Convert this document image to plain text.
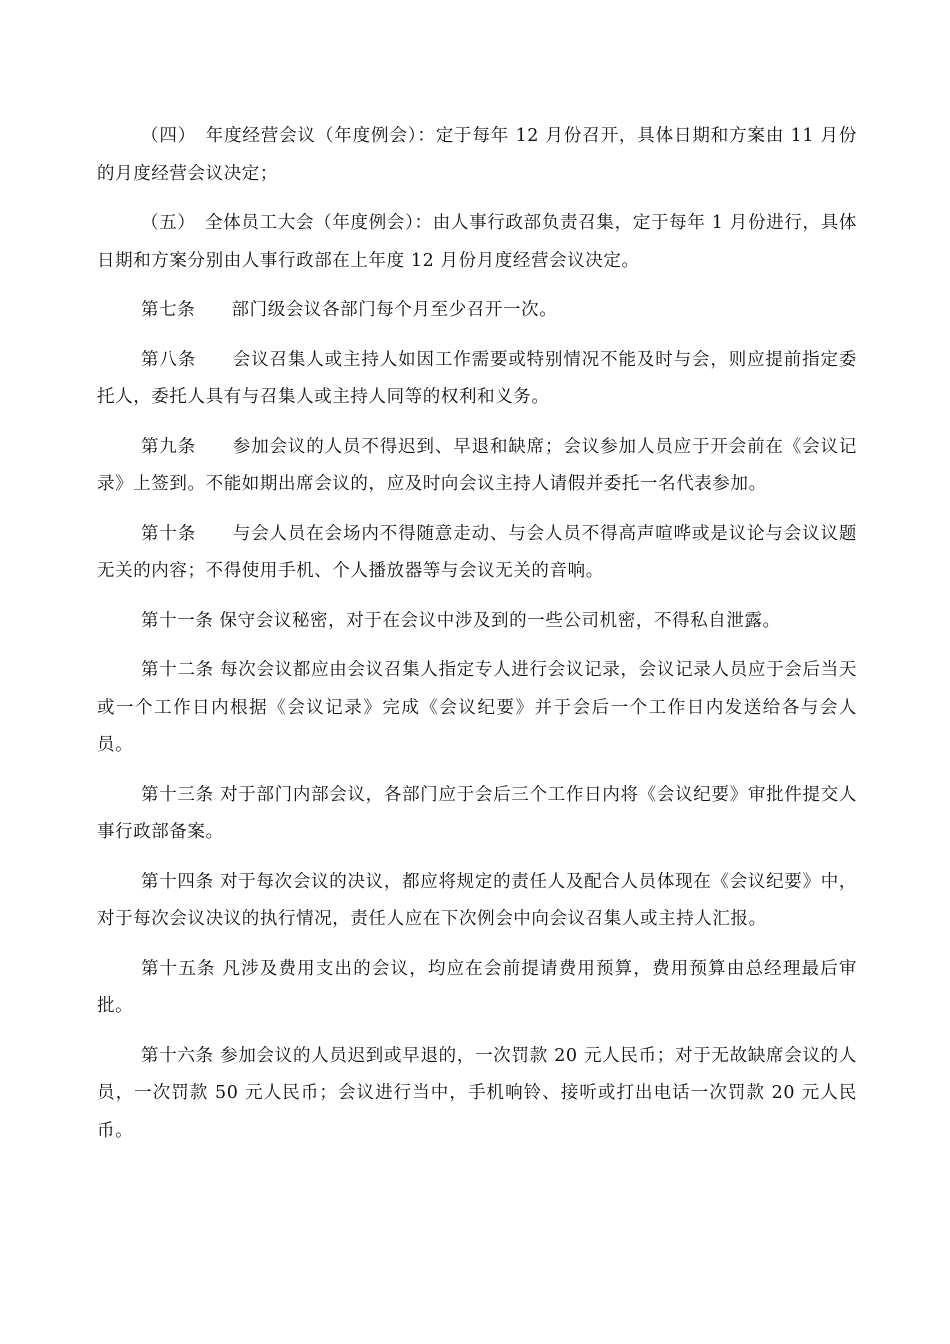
（四）　年度经营会议（年度例会）：定于每年 12 月份召开，具体日期和方案由 11 月份的月度经营会议决定；

（五）　全体员工大会（年度例会）：由人事行政部负责召集，定于每年 1 月份进行，具体日期和方案分别由人事行政部在上年度 12 月份月度经营会议决定。

第七条　　部门级会议各部门每个月至少召开一次。

第八条　　会议召集人或主持人如因工作需要或特别情况不能及时与会，则应提前指定委托人，委托人具有与召集人或主持人同等的权利和义务。

第九条　　参加会议的人员不得迟到、早退和缺席；会议参加人员应于开会前在《会议记录》上签到。不能如期出席会议的，应及时向会议主持人请假并委托一名代表参加。

第十条　　与会人员在会场内不得随意走动、与会人员不得高声喧哗或是议论与会议议题无关的内容；不得使用手机、个人播放器等与会议无关的音响。

第十一条 保守会议秘密，对于在会议中涉及到的一些公司机密，不得私自泄露。

第十二条 每次会议都应由会议召集人指定专人进行会议记录，会议记录人员应于会后当天或一个工作日内根据《会议记录》完成《会议纪要》并于会后一个工作日内发送给各与会人员。

第十三条 对于部门内部会议，各部门应于会后三个工作日内将《会议纪要》审批件提交人事行政部备案。

第十四条 对于每次会议的决议，都应将规定的责任人及配合人员体现在《会议纪要》中，对于每次会议决议的执行情况，责任人应在下次例会中向会议召集人或主持人汇报。

第十五条 凡涉及费用支出的会议，均应在会前提请费用预算，费用预算由总经理最后审批。

第十六条 参加会议的人员迟到或早退的，一次罚款 20 元人民币；对于无故缺席会议的人员，一次罚款 50 元人民币；会议进行当中，手机响铃、接听或打出电话一次罚款 20 元人民币。
